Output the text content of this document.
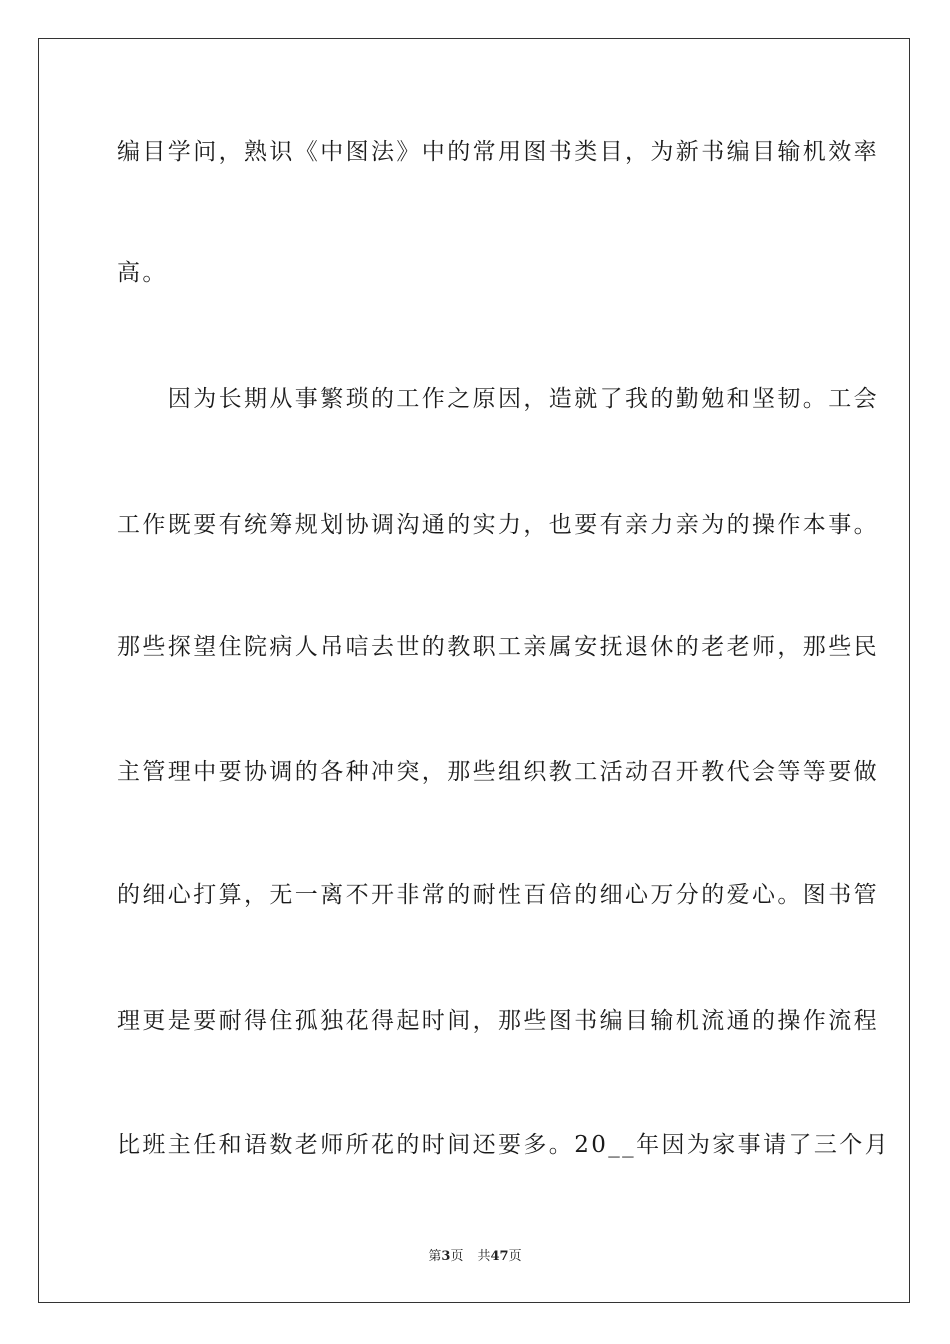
编目学问，熟识《中图法》中的常用图书类目，为新书编目输机效率
高。
　　因为长期从事繁琐的工作之原因，造就了我的勤勉和坚韧。工会
工作既要有统筹规划协调沟通的实力，也要有亲力亲为的操作本事。
那些探望住院病人吊唁去世的教职工亲属安抚退休的老老师，那些民
主管理中要协调的各种冲突，那些组织教工活动召开教代会等等要做
的细心打算，无一离不开非常的耐性百倍的细心万分的爱心。图书管
理更是要耐得住孤独花得起时间，那些图书编目输机流通的操作流程
比班主任和语数老师所花的时间还要多。20__年因为家事请了三个月
第3页 共47页
